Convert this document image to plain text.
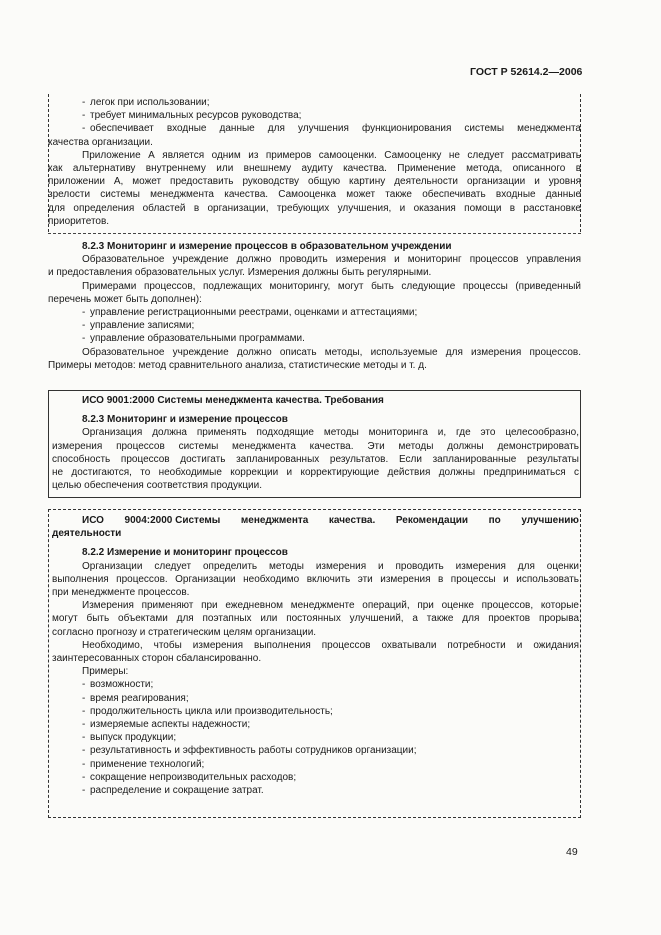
ГОСТ Р 52614.2—2006
- легок при использовании;
- требует минимальных ресурсов руководства;
- обеспечивает входные данные для улучшения функционирования системы менеджмента
качества организации.
Приложение А является одним из примеров самооценки. Самооценку не следует рассматривать
как альтернативу внутреннему или внешнему аудиту качества. Применение метода, описанного в
приложении А, может предоставить руководству общую картину деятельности организации и уровня
зрелости системы менеджмента качества. Самооценка может также обеспечивать входные данные
для определения областей в организации, требующих улучшения, и оказания помощи в расстановке
приоритетов.
8.2.3 Мониторинг и измерение процессов в образовательном учреждении
Образовательное учреждение должно проводить измерения и мониторинг процессов управления
и предоставления образовательных услуг. Измерения должны быть регулярными.
Примерами процессов, подлежащих мониторингу, могут быть следующие процессы (приведенный
перечень может быть дополнен):
- управление регистрационными реестрами, оценками и аттестациями;
- управление записями;
- управление образовательными программами.
Образовательное учреждение должно описать методы, используемые для измерения процессов.
Примеры методов: метод сравнительного анализа, статистические методы и т. д.
ИСО 9001:2000 Системы менеджмента качества. Требования
8.2.3 Мониторинг и измерение процессов
Организация должна применять подходящие методы мониторинга и, где это целесообразно,
измерения процессов системы менеджмента качества. Эти методы должны демонстрировать
способность процессов достигать запланированных результатов. Если запланированные результаты
не достигаются, то необходимые коррекции и корректирующие действия должны предприниматься с
целью обеспечения соответствия продукции.
ИСО 9004:2000 Системы менеджмента качества. Рекомендации по улучшению
деятельности
8.2.2 Измерение и мониторинг процессов
Организации следует определить методы измерения и проводить измерения для оценки
выполнения процессов. Организации необходимо включить эти измерения в процессы и использовать
при менеджменте процессов.
Измерения применяют при ежедневном менеджменте операций, при оценке процессов, которые
могут быть объектами для поэтапных или постоянных улучшений, а также для проектов прорыва
согласно прогнозу и стратегическим целям организации.
Необходимо, чтобы измерения выполнения процессов охватывали потребности и ожидания
заинтересованных сторон сбалансированно.
Примеры:
- возможности;
- время реагирования;
- продолжительность цикла или производительность;
- измеряемые аспекты надежности;
- выпуск продукции;
- результативность и эффективность работы сотрудников организации;
- применение технологий;
- сокращение непроизводительных расходов;
- распределение и сокращение затрат.
49
